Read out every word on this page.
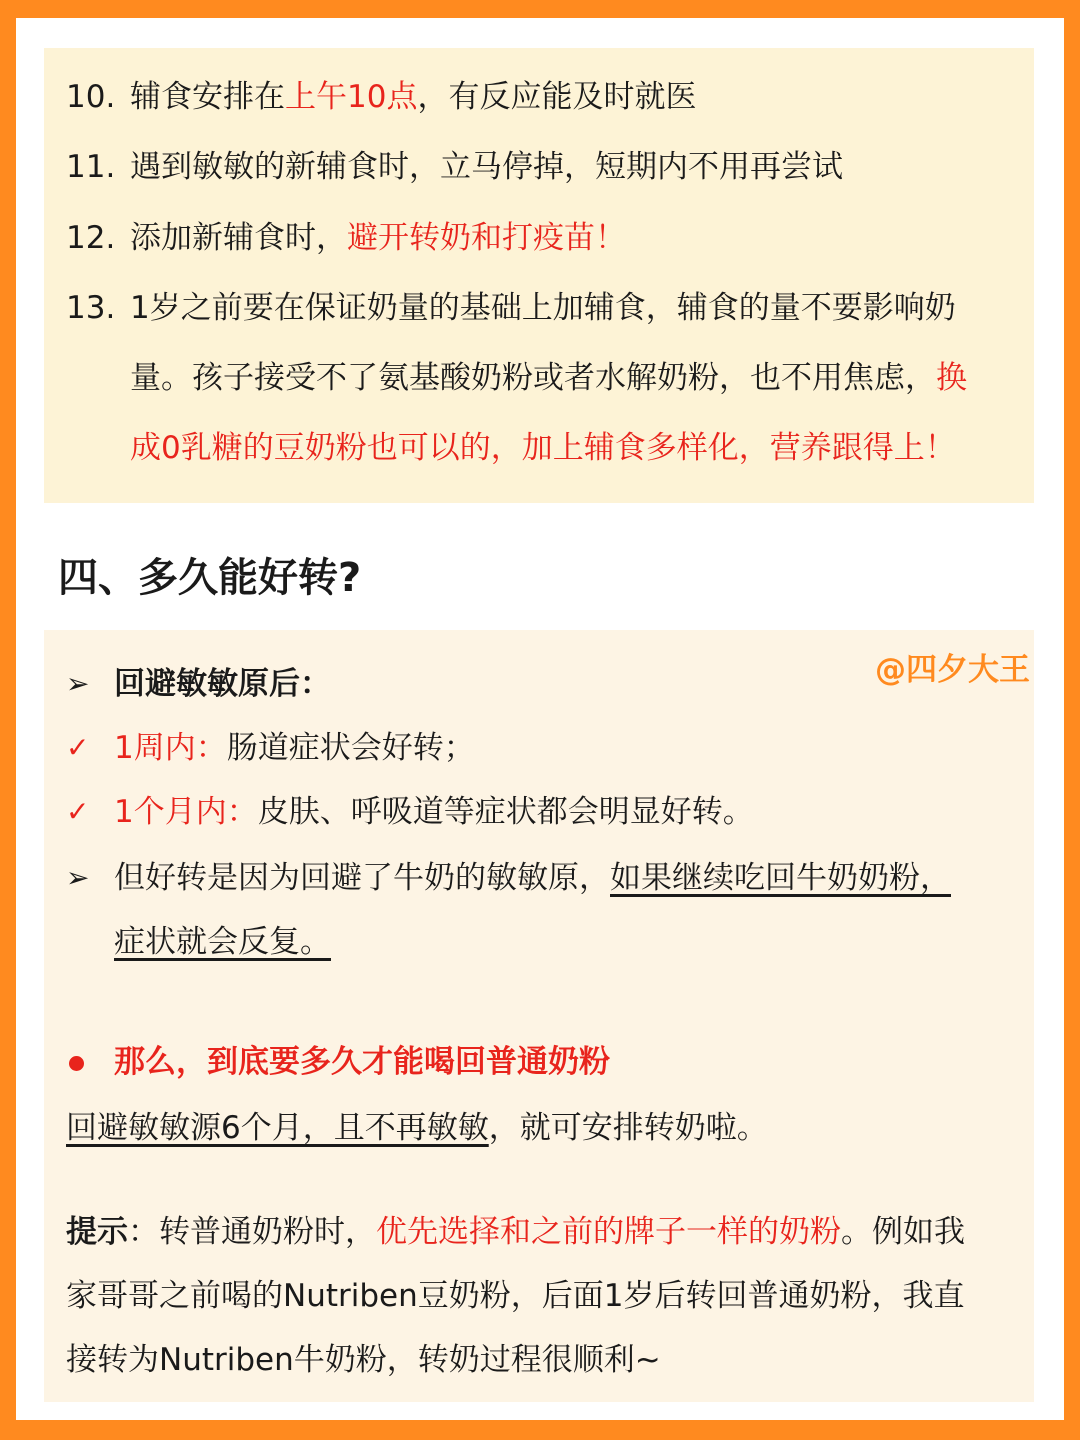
10. 辅食安排在上午10点，有反应能及时就医
11. 遇到敏敏的新辅食时，立马停掉，短期内不用再尝试
12. 添加新辅食时，避开转奶和打疫苗！
13. 1岁之前要在保证奶量的基础上加辅食，辅食的量不要影响奶
量。孩子接受不了氨基酸奶粉或者水解奶粉，也不用焦虑，换
成0乳糖的豆奶粉也可以的，加上辅食多样化，营养跟得上！
四、多久能好转?
@四夕大王
➢ 回避敏敏原后：
✓ 1周内：肠道症状会好转；
✓ 1个月内：皮肤、呼吸道等症状都会明显好转。
➢ 但好转是因为回避了牛奶的敏敏原，如果继续吃回牛奶奶粉，
症状就会反复。
那么，到底要多久才能喝回普通奶粉
回避敏敏源6个月，且不再敏敏，就可安排转奶啦。
提示：转普通奶粉时，优先选择和之前的牌子一样的奶粉。例如我
家哥哥之前喝的Nutriben豆奶粉，后面1岁后转回普通奶粉，我直
接转为Nutriben牛奶粉，转奶过程很顺利~
